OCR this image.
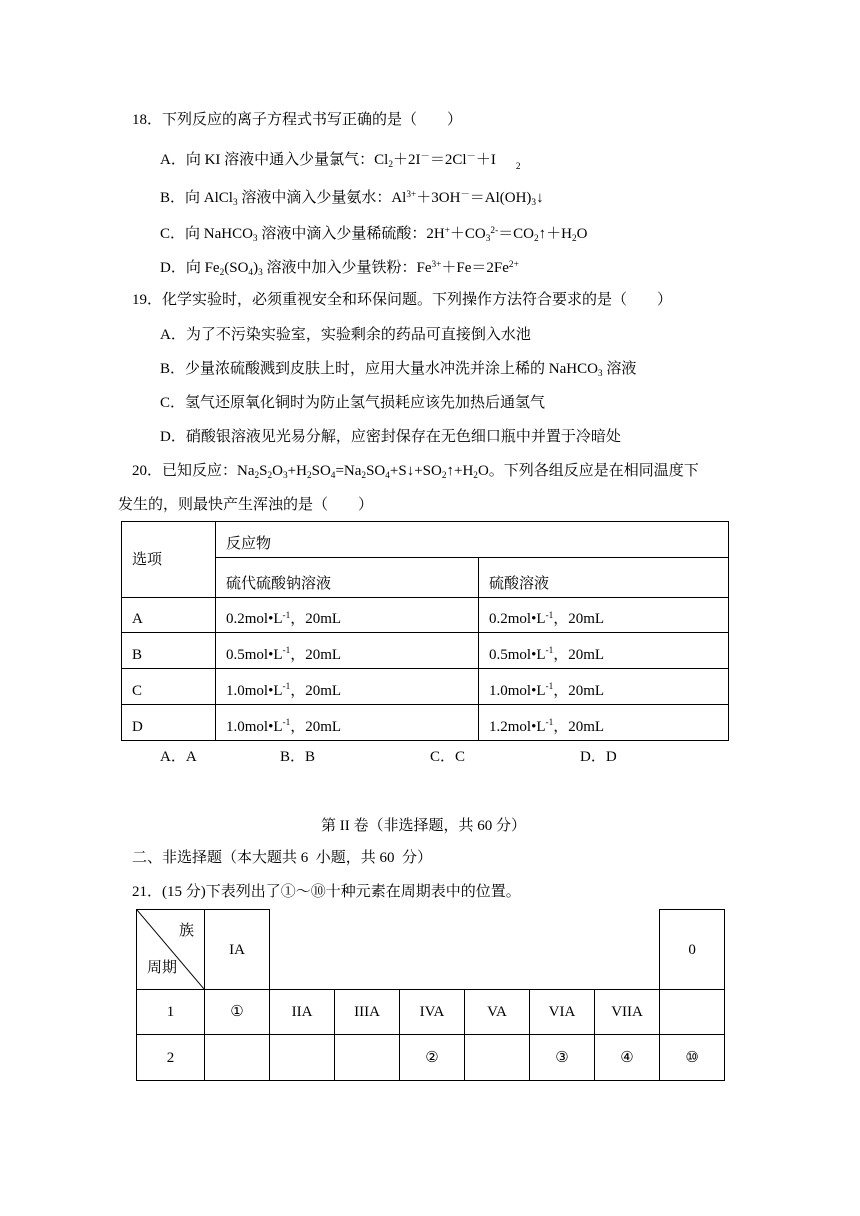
18．下列反应的离子方程式书写正确的是（　　）
A．向 KI 溶液中通入少量氯气：$Cl_2+2I^-=2Cl^-+I$ $_2$
B．向 AlCl$_3$ 溶液中滴入少量氨水：$Al^{3+}+3OH^-=Al(OH)_3↓$
C．向 NaHCO$_3$ 溶液中滴入少量稀硫酸：$2H^++CO_3^{2-}=CO_2↑+H_2O$
D．向 $Fe_2(SO_4)_3$ 溶液中加入少量铁粉：$Fe^{3+}+Fe=2Fe^{2+}$
19．化学实验时，必须重视安全和环保问题。下列操作方法符合要求的是（　　）
A．为了不污染实验室，实验剩余的药品可直接倒入水池
B．少量浓硫酸溅到皮肤上时，应用大量水冲洗并涂上稀的 NaHCO$_3$ 溶液
C．氢气还原氧化铜时为防止氢气损耗应该先加热后通氢气
D．硝酸银溶液见光易分解，应密封保存在无色细口瓶中并置于冷暗处
20．已知反应：$Na_2S_2O_3+H_2SO_4=Na_2SO_4+S↓+SO_2↑+H_2O$。下列各组反应是在相同温度下
发生的，则最快产生浑浊的是（　　）
选项	反应物	
	硫代硫酸钠溶液	硫酸溶液
A	$0.2mol•L^{-1}$，20mL	$0.2mol•L^{-1}$，20mL
B	$0.5mol•L^{-1}$，20mL	$0.5mol•L^{-1}$，20mL
C	$1.0mol•L^{-1}$，20mL	$1.0mol•L^{-1}$，20mL
D	$1.0mol•L^{-1}$，20mL	$1.2mol•L^{-1}$，20mL
A．A	B．B	C．C	D．D
第 II 卷（非选择题，共 60 分）
二、非选择题（本大题共 6  小题，共 60  分）
21．(15 分)下表列出了①～⑩十种元素在周期表中的位置。
族
周期	IA							0
1	①	IIA	IIIA	IVA	VA	VIA	VIIA	
2				②		③	④	⑩
